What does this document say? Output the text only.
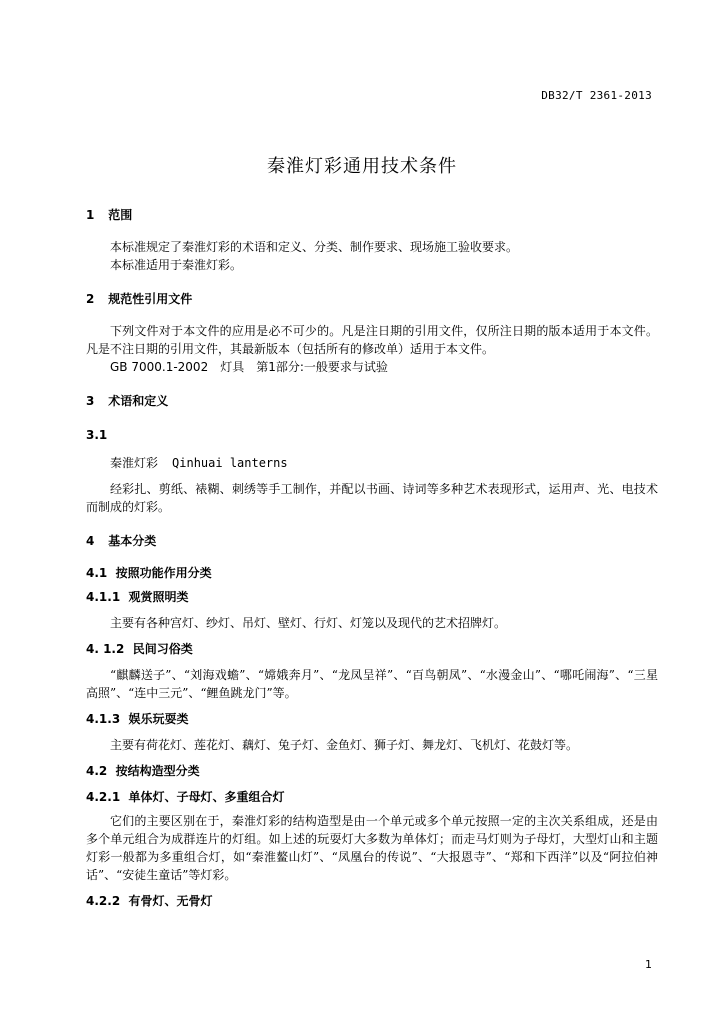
DB32/T 2361-2013
秦淮灯彩通用技术条件
1 范围

本标准规定了秦淮灯彩的术语和定义、分类、制作要求、现场施工验收要求。

本标准适用于秦淮灯彩。

2 规范性引用文件

下列文件对于本文件的应用是必不可少的。凡是注日期的引用文件，仅所注日期的版本适用于本文件。凡是不注日期的引用文件，其最新版本（包括所有的修改单）适用于本文件。

GB 7000.1-2002　灯具　第1部分:一般要求与试验

3 术语和定义
3.1
秦淮灯彩 Qinhuai lanterns

经彩扎、剪纸、裱糊、刺绣等手工制作，并配以书画、诗词等多种艺术表现形式，运用声、光、电技术而制成的灯彩。

4 基本分类
4.1 按照功能作用分类
4.1.1 观赏照明类

主要有各种宫灯、纱灯、吊灯、壁灯、行灯、灯笼以及现代的艺术招牌灯。

4. 1.2 民间习俗类

“麒麟送子”、“刘海戏蟾”、“嫦娥奔月”、“龙凤呈祥”、“百鸟朝凤”、“水漫金山”、“哪吒闹海”、“三星高照”、“连中三元”、“鲤鱼跳龙门”等。

4.1.3 娱乐玩耍类

主要有荷花灯、莲花灯、藕灯、兔子灯、金鱼灯、狮子灯、舞龙灯、飞机灯、花鼓灯等。

4.2 按结构造型分类
4.2.1 单体灯、子母灯、多重组合灯

它们的主要区别在于，秦淮灯彩的结构造型是由一个单元或多个单元按照一定的主次关系组成，还是由多个单元组合为成群连片的灯组。如上述的玩耍灯大多数为单体灯；而走马灯则为子母灯，大型灯山和主题灯彩一般都为多重组合灯，如“秦淮鳌山灯”、“凤凰台的传说”、“大报恩寺”、“郑和下西洋”以及“阿拉伯神话”、“安徒生童话”等灯彩。

4.2.2 有骨灯、无骨灯
1
